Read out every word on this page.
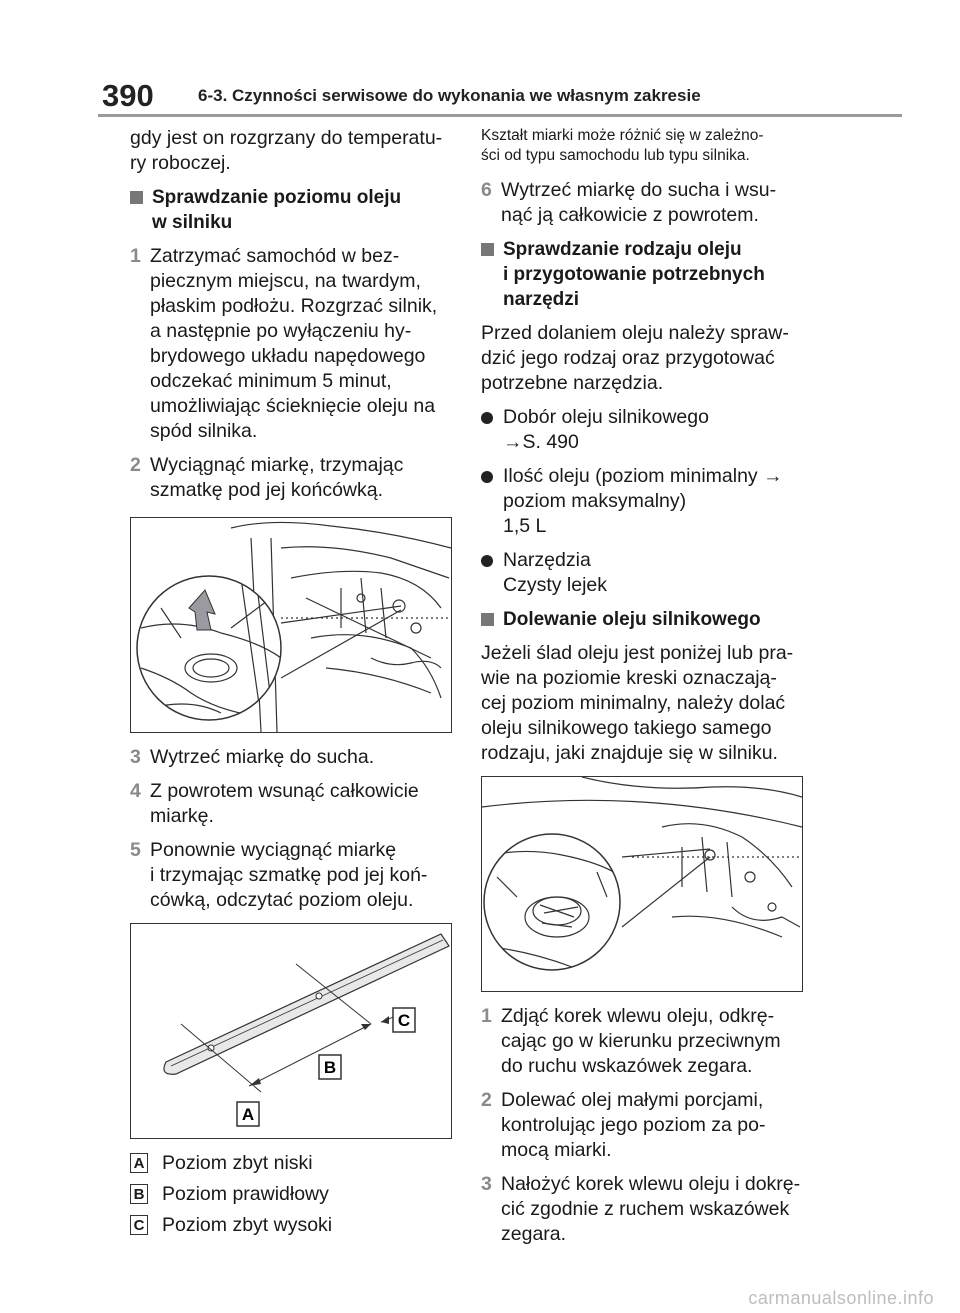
390	6-3. Czynności serwisowe do wykonania we własnym zakresie

gdy jest on rozgrzany do temperatu-
ry roboczej.

Sprawdzanie poziomu oleju
w silniku
1 Zatrzymać samochód w bez-
piecznym miejscu, na twardym,
płaskim podłożu. Rozgrzać silnik,
a następnie po wyłączeniu hy-
brydowego układu napędowego
odczekać minimum 5 minut,
umożliwiając ścieknięcie oleju na
spód silnika.
2 Wyciągnąć miarkę, trzymając
szmatkę pod jej końcówką.
3 Wytrzeć miarkę do sucha.
4 Z powrotem wsunąć całkowicie
miarkę.
5 Ponownie wyciągnąć miarkę
i trzymając szmatkę pod jej koń-
cówką, odczytać poziom oleju.
C
B
A
A Poziom zbyt niski
B Poziom prawidłowy
C Poziom zbyt wysoki

Kształt miarki może różnić się w zależno-
ści od typu samochodu lub typu silnika.

6 Wytrzeć miarkę do sucha i wsu-
nąć ją całkowicie z powrotem.
Sprawdzanie rodzaju oleju
i przygotowanie potrzebnych
narzędzi

Przed dolaniem oleju należy spraw-
dzić jego rodzaj oraz przygotować
potrzebne narzędzia.

Dobór oleju silnikowego
→S. 490
Ilość oleju (poziom minimalny →
poziom maksymalny)
1,5 L
Narzędzia
Czysty lejek
Dolewanie oleju silnikowego

Jeżeli ślad oleju jest poniżej lub pra-
wie na poziomie kreski oznaczają-
cej poziom minimalny, należy dolać
oleju silnikowego takiego samego
rodzaju, jaki znajduje się w silniku.

1 Zdjąć korek wlewu oleju, odkrę-
cając go w kierunku przeciwnym
do ruchu wskazówek zegara.
2 Dolewać olej małymi porcjami,
kontrolując jego poziom za po-
mocą miarki.
3 Nałożyć korek wlewu oleju i dokrę-
cić zgodnie z ruchem wskazówek
zegara.
carmanualsonline.info
